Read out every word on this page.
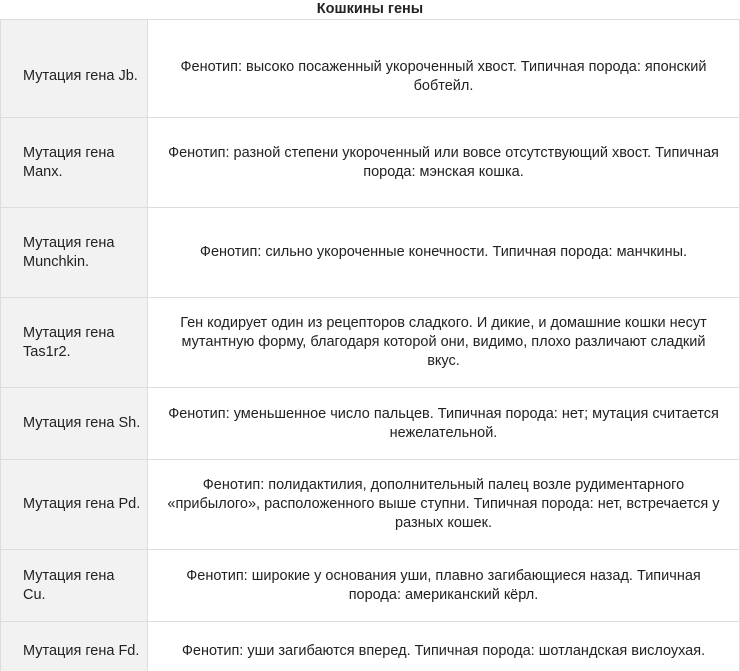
Кошкины гены
Мутация гена Jb.	Фенотип: высоко посаженный укороченный хвост. Типичная порода: японский бобтейл.
Мутация гена Manx.	Фенотип: разной степени укороченный или вовсе отсутствующий хвост. Типичная порода: мэнская кошка.
Мутация гена Munchkin.	Фенотип: сильно укороченные конечности. Типичная порода: манчкины.
Мутация гена Tas1r2.	Ген кодирует один из рецепторов сладкого. И дикие, и домашние кошки несут мутантную форму, благодаря которой они, видимо, плохо различают сладкий вкус.
Мутация гена Sh.	Фенотип: уменьшенное число пальцев. Типичная порода: нет; мутация считается нежелательной.
Мутация гена Pd.	Фенотип: полидактилия, дополнительный палец возле рудиментарного «прибылого», расположенного выше ступни. Типичная порода: нет, встречается у разных кошек.
Мутация гена Cu.	Фенотип: широкие у основания уши, плавно загибающиеся назад. Типичная порода: американский кёрл.
Мутация гена Fd.	Фенотип: уши загибаются вперед. Типичная порода: шотландская вислоухая.
